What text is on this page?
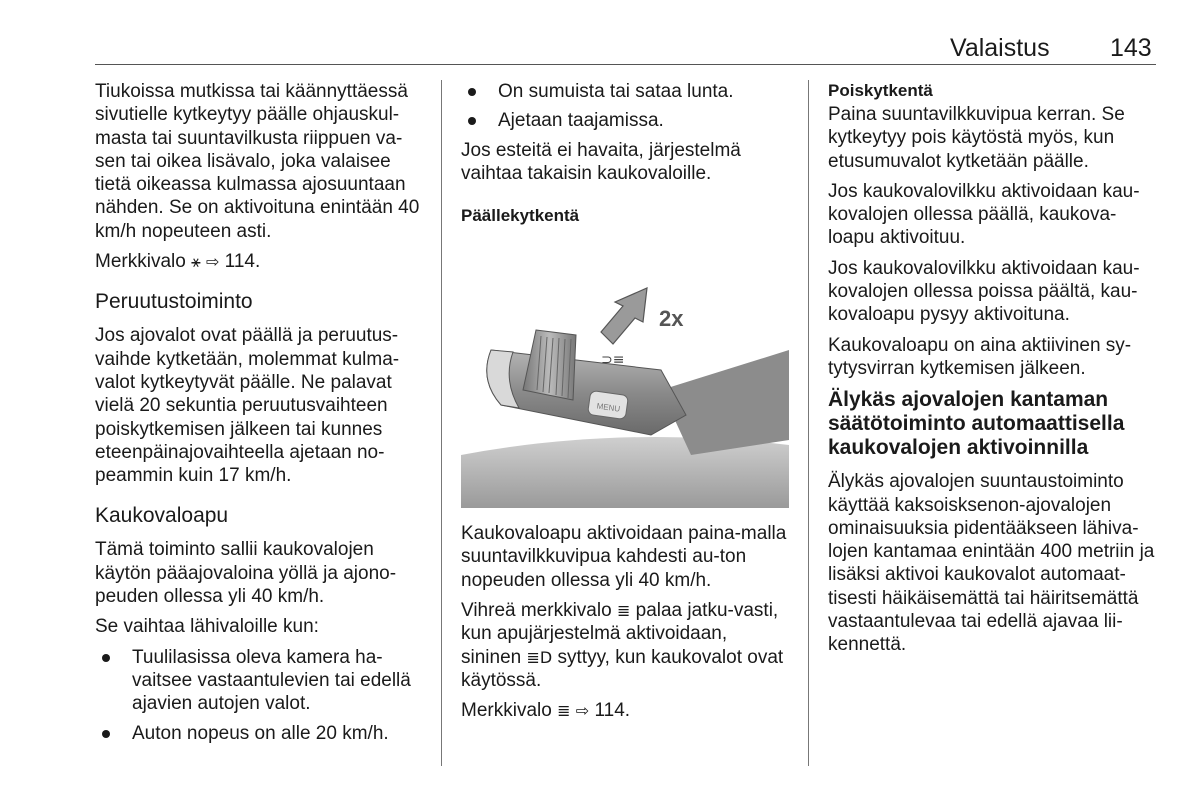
Valaistus 143

Tiukoissa mutkissa tai käännyttäessä sivutielle kytkeytyy päälle ohjauskul-masta tai suuntavilkusta riippuen va-sen tai oikea lisävalo, joka valaisee tietä oikeassa kulmassa ajosuuntaan nähden. Se on aktivoituna enintään 40 km/h nopeuteen asti.

Merkkivalo ⚹ ⇨ 114.

Peruutustoiminto

Jos ajovalot ovat päällä ja peruutus-vaihde kytketään, molemmat kulma-valot kytkeytyvät päälle. Ne palavat vielä 20 sekuntia peruutusvaihteen poiskytkemisen jälkeen tai kunnes eteenpäinajovaihteella ajetaan no-peammin kuin 17 km/h.

Kaukovaloapu

Tämä toiminto sallii kaukovalojen käytön pääajovaloina yöllä ja ajono-peuden ollessa yli 40 km/h.

Se vaihtaa lähivaloille kun:

Tuulilasissa oleva kamera ha-vaitsee vastaantulevien tai edellä ajavien autojen valot.
Auton nopeus on alle 20 km/h.
On sumuista tai sataa lunta.
Ajetaan taajamissa.

Jos esteitä ei havaita, järjestelmä vaihtaa takaisin kaukovaloille.

Päällekytkentä
MENU
⊃≡
2x

Kaukovaloapu aktivoidaan paina-malla suuntavilkkuvipua kahdesti au-ton nopeuden ollessa yli 40 km/h.

Vihreä merkkivalo ≣ palaa jatku-vasti, kun apujärjestelmä aktivoidaan, sininen ≣D syttyy, kun kaukovalot ovat käytössä.

Merkkivalo ≣ ⇨ 114.

Poiskytkentä

Paina suuntavilkkuvipua kerran. Se kytkeytyy pois käytöstä myös, kun etusumuvalot kytketään päälle.

Jos kaukovalovilkku aktivoidaan kau-kovalojen ollessa päällä, kaukova-loapu aktivoituu.

Jos kaukovalovilkku aktivoidaan kau-kovalojen ollessa poissa päältä, kau-kovaloapu pysyy aktivoituna.

Kaukovaloapu on aina aktiivinen sy-tytysvirran kytkemisen jälkeen.

Älykäs ajovalojen kantaman säätötoiminto automaattisella kaukovalojen aktivoinnilla

Älykäs ajovalojen suuntaustoiminto käyttää kaksoisksenon-ajovalojen ominaisuuksia pidentääkseen lähiva-lojen kantamaa enintään 400 metriin ja lisäksi aktivoi kaukovalot automaat-tisesti häikäisemättä tai häiritsemättä vastaantulevaa tai edellä ajavaa lii-kennettä.
